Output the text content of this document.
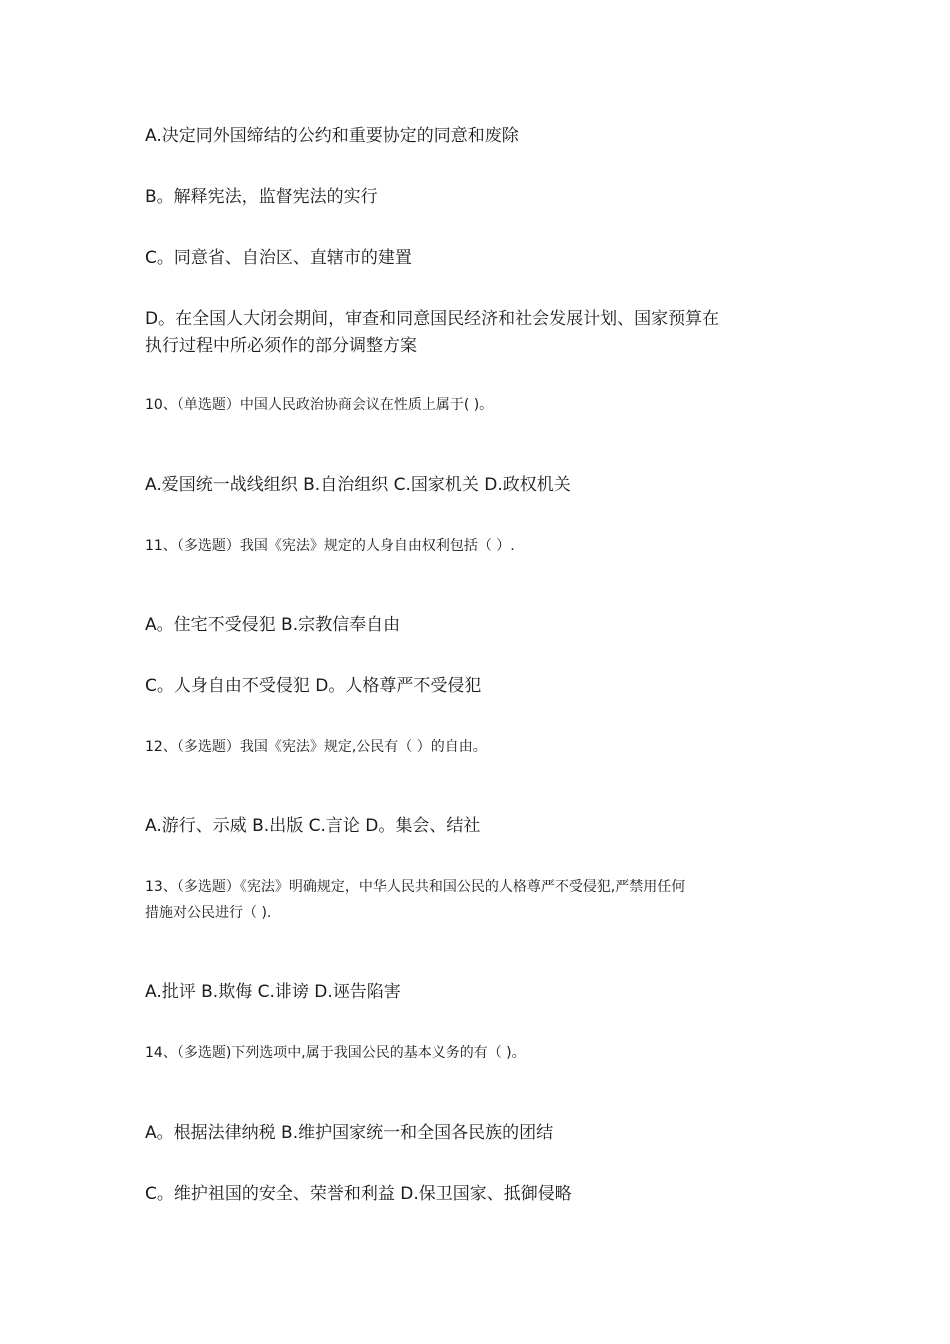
A.决定同外国缔结的公约和重要协定的同意和废除
B。解释宪法，监督宪法的实行
C。同意省、自治区、直辖市的建置
D。在全国人大闭会期间，审查和同意国民经济和社会发展计划、国家预算在
执行过程中所必须作的部分调整方案
10、（单选题）中国人民政治协商会议在性质上属于( )。
A.爱国统一战线组织 B.自治组织 C.国家机关 D.政权机关
11、（多选题）我国《宪法》规定的人身自由权利包括（ ）.
A。住宅不受侵犯 B.宗教信奉自由
C。人身自由不受侵犯 D。人格尊严不受侵犯
12、（多选题）我国《宪法》规定,公民有（ ）的自由。
A.游行、示威 B.出版 C.言论 D。集会、结社
13、（多选题）《宪法》明确规定，中华人民共和国公民的人格尊严不受侵犯,严禁用任何
措施对公民进行（ ).
A.批评 B.欺侮 C.诽谤 D.诬告陷害
14、（多选题)下列选项中,属于我国公民的基本义务的有（ )。
A。根据法律纳税 B.维护国家统一和全国各民族的团结
C。维护祖国的安全、荣誉和利益 D.保卫国家、抵御侵略
